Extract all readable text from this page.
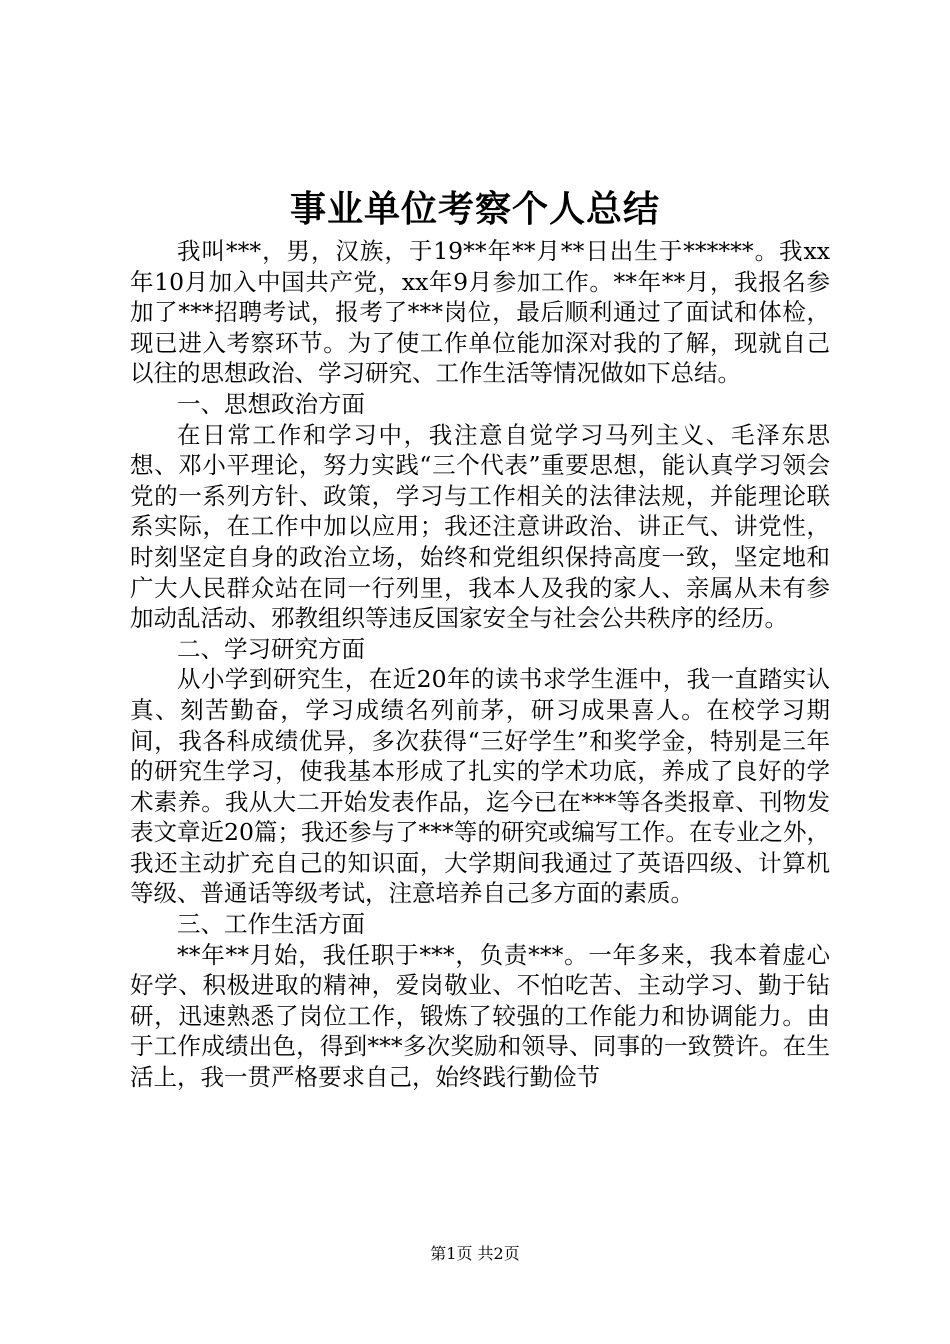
事业单位考察个人总结

我叫***，男，汉族，于19**年**月**日出生于******。我xx年10月加入中国共产党，xx年9月参加工作。**年**月，我报名参加了***招聘考试，报考了***岗位，最后顺利通过了面试和体检，现已进入考察环节。为了使工作单位能加深对我的了解，现就自己以往的思想政治、学习研究、工作生活等情况做如下总结。

一、思想政治方面

在日常工作和学习中，我注意自觉学习马列主义、毛泽东思想、邓小平理论，努力实践“三个代表”重要思想，能认真学习领会党的一系列方针、政策，学习与工作相关的法律法规，并能理论联系实际，在工作中加以应用；我还注意讲政治、讲正气、讲党性，时刻坚定自身的政治立场，始终和党组织保持高度一致，坚定地和广大人民群众站在同一行列里，我本人及我的家人、亲属从未有参加动乱活动、邪教组织等违反国家安全与社会公共秩序的经历。

二、学习研究方面

从小学到研究生，在近20年的读书求学生涯中，我一直踏实认真、刻苦勤奋，学习成绩名列前茅，研习成果喜人。在校学习期间，我各科成绩优异，多次获得“三好学生”和奖学金，特别是三年的研究生学习，使我基本形成了扎实的学术功底，养成了良好的学术素养。我从大二开始发表作品，迄今已在***等各类报章、刊物发表文章近20篇；我还参与了***等的研究或编写工作。在专业之外，我还主动扩充自己的知识面，大学期间我通过了英语四级、计算机等级、普通话等级考试，注意培养自己多方面的素质。

三、工作生活方面

**年**月始，我任职于***，负责***。一年多来，我本着虚心好学、积极进取的精神，爱岗敬业、不怕吃苦、主动学习、勤于钻研，迅速熟悉了岗位工作，锻炼了较强的工作能力和协调能力。由于工作成绩出色，得到***多次奖励和领导、同事的一致赞许。在生活上，我一贯严格要求自己，始终践行勤俭节

第1页 共2页
